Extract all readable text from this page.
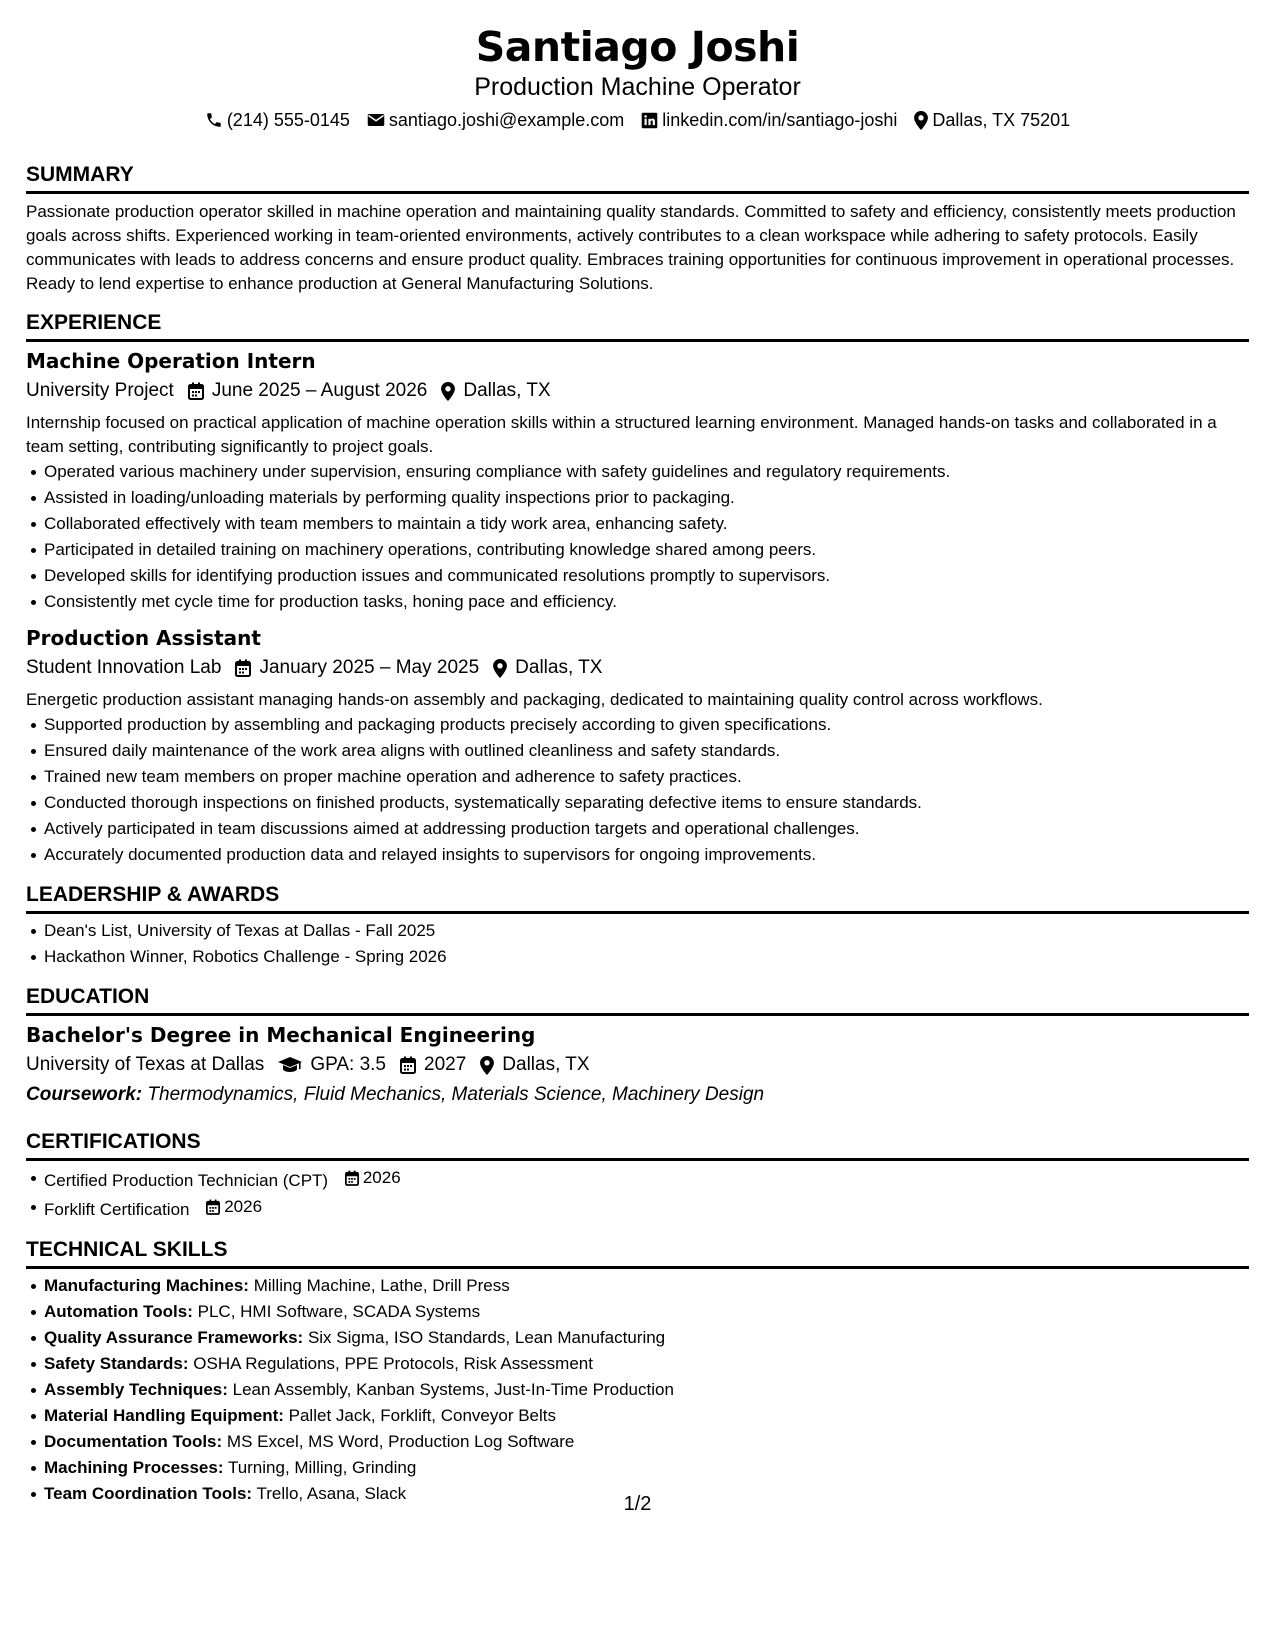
Santiago Joshi
Production Machine Operator
(214) 555-0145 santiago.joshi@example.com linkedin.com/in/santiago-joshi Dallas, TX 75201
SUMMARY
Passionate production operator skilled in machine operation and maintaining quality standards. Committed to safety and efficiency, consistently meets production goals across shifts. Experienced working in team-oriented environments, actively contributes to a clean workspace while adhering to safety protocols. Easily communicates with leads to address concerns and ensure product quality. Embraces training opportunities for continuous improvement in operational processes. Ready to lend expertise to enhance production at General Manufacturing Solutions.
EXPERIENCE
Machine Operation Intern
University Project June 2025 – August 2026 Dallas, TX
Internship focused on practical application of machine operation skills within a structured learning environment. Managed hands-on tasks and collaborated in a team setting, contributing significantly to project goals.
Operated various machinery under supervision, ensuring compliance with safety guidelines and regulatory requirements.
Assisted in loading/unloading materials by performing quality inspections prior to packaging.
Collaborated effectively with team members to maintain a tidy work area, enhancing safety.
Participated in detailed training on machinery operations, contributing knowledge shared among peers.
Developed skills for identifying production issues and communicated resolutions promptly to supervisors.
Consistently met cycle time for production tasks, honing pace and efficiency.
Production Assistant
Student Innovation Lab January 2025 – May 2025 Dallas, TX
Energetic production assistant managing hands-on assembly and packaging, dedicated to maintaining quality control across workflows.
Supported production by assembling and packaging products precisely according to given specifications.
Ensured daily maintenance of the work area aligns with outlined cleanliness and safety standards.
Trained new team members on proper machine operation and adherence to safety practices.
Conducted thorough inspections on finished products, systematically separating defective items to ensure standards.
Actively participated in team discussions aimed at addressing production targets and operational challenges.
Accurately documented production data and relayed insights to supervisors for ongoing improvements.
LEADERSHIP & AWARDS
Dean's List, University of Texas at Dallas - Fall 2025
Hackathon Winner, Robotics Challenge - Spring 2026
EDUCATION
Bachelor's Degree in Mechanical Engineering
University of Texas at Dallas GPA: 3.5 2027 Dallas, TX
Coursework: Thermodynamics, Fluid Mechanics, Materials Science, Machinery Design
CERTIFICATIONS
Certified Production Technician (CPT) 2026
Forklift Certification 2026
TECHNICAL SKILLS
Manufacturing Machines: Milling Machine, Lathe, Drill Press
Automation Tools: PLC, HMI Software, SCADA Systems
Quality Assurance Frameworks: Six Sigma, ISO Standards, Lean Manufacturing
Safety Standards: OSHA Regulations, PPE Protocols, Risk Assessment
Assembly Techniques: Lean Assembly, Kanban Systems, Just-In-Time Production
Material Handling Equipment: Pallet Jack, Forklift, Conveyor Belts
Documentation Tools: MS Excel, MS Word, Production Log Software
Machining Processes: Turning, Milling, Grinding
Team Coordination Tools: Trello, Asana, Slack	1/2
